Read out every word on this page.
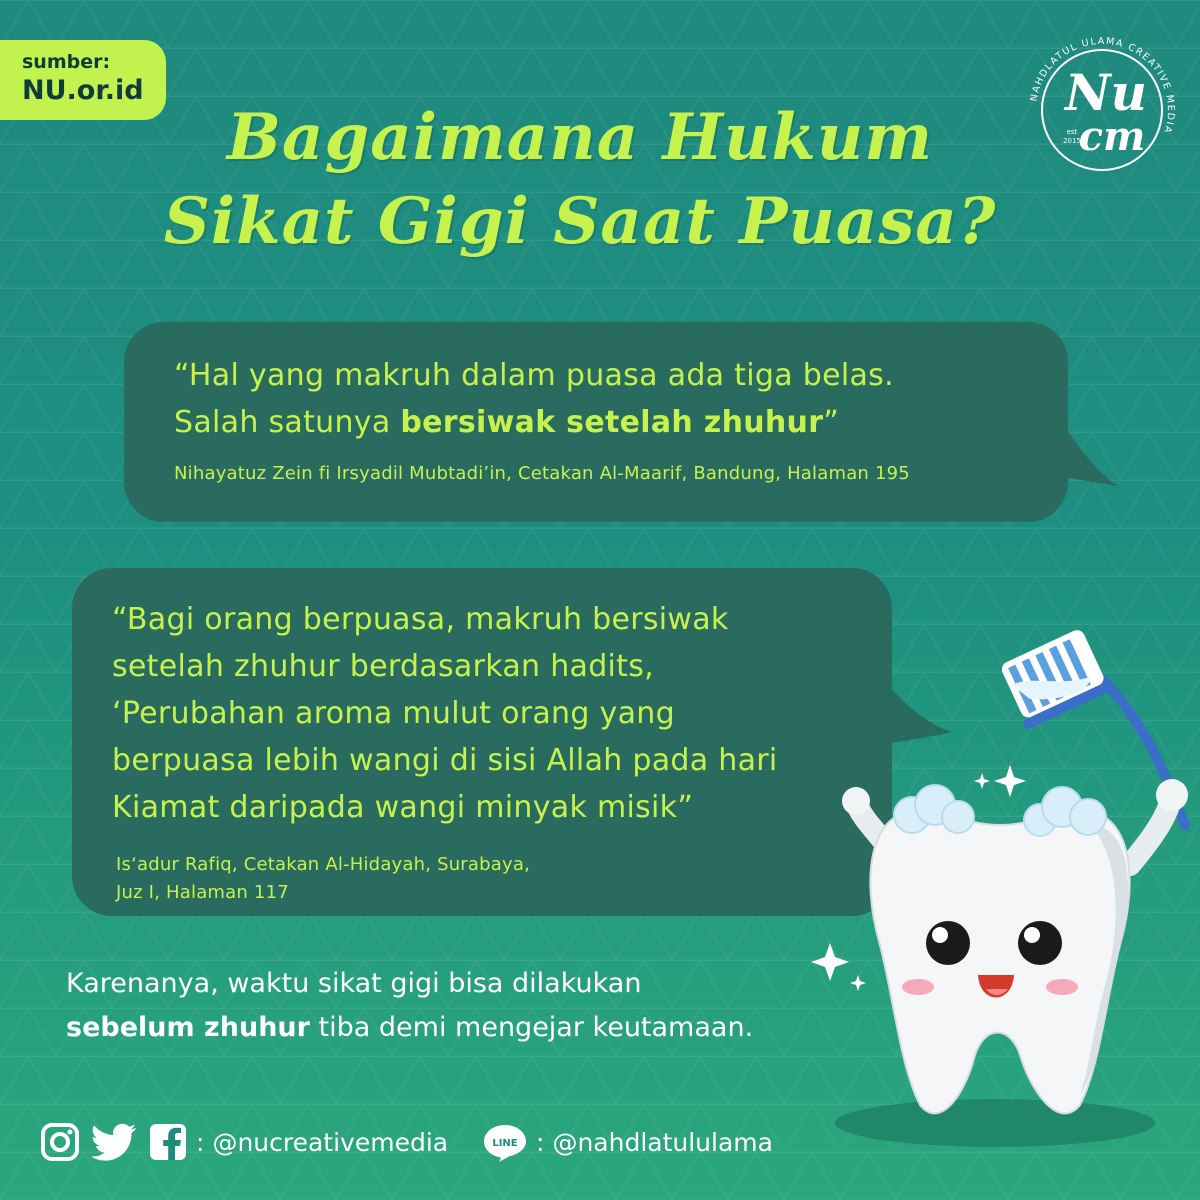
sumber:
NU.or.id
Bagaimana Hukum
Sikat Gigi Saat Puasa?
NAHDLATUL ULAMA CREATIVE MEDIA
Nu
cm
est
2015
“Hal yang makruh dalam puasa ada tiga belas.
Salah satunya bersiwak setelah zhuhur”
Nihayatuz Zein fi Irsyadil Mubtadi’in, Cetakan Al-Maarif, Bandung, Halaman 195
“Bagi orang berpuasa, makruh bersiwak
setelah zhuhur berdasarkan hadits,
‘Perubahan aroma mulut orang yang
berpuasa lebih wangi di sisi Allah pada hari
Kiamat daripada wangi minyak misik”
Is‘adur Rafiq, Cetakan Al-Hidayah, Surabaya,
Juz I, Halaman 117
Karenanya, waktu sikat gigi bisa dilakukan
sebelum zhuhur tiba demi mengejar keutamaan.
: @nucreativemedia	LINE : @nahdlatululama
